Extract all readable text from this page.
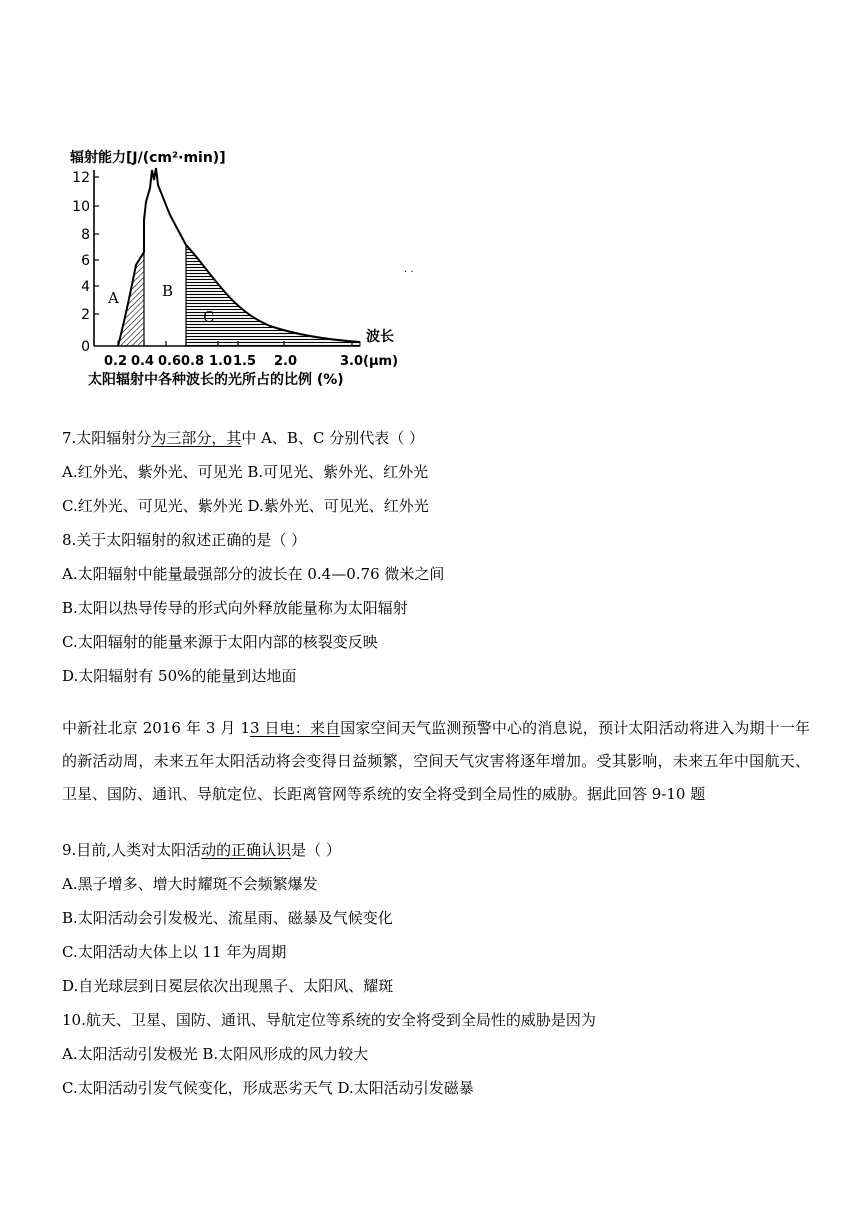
辐射能力[J/(cm²·min)]
12
10
8
6
4
2
0
A	B
C
波长
0.2 0.4 0.6 0.8 1.0 1.5 2.0	3.0(μm)
太阳辐射中各种波长的光所占的比例 (%)
. .
7.太阳辐射分为三部分，其中 A、B、C 分别代表（ ）
A.红外光、紫外光、可见光 B.可见光、紫外光、红外光
C.红外光、可见光、紫外光 D.紫外光、可见光、红外光
8.关于太阳辐射的叙述正确的是（ ）
A.太阳辐射中能量最强部分的波长在 0.4—0.76 微米之间
B.太阳以热导传导的形式向外释放能量称为太阳辐射
C.太阳辐射的能量来源于太阳内部的核裂变反映
D.太阳辐射有 50%的能量到达地面
中新社北京 2016 年 3 月 13 日电：来自国家空间天气监测预警中心的消息说，预计太阳活动将进入为期十一年的新活动周，未来五年太阳活动将会变得日益频繁，空间天气灾害将逐年增加。受其影响，未来五年中国航天、卫星、国防、通讯、导航定位、长距离管网等系统的安全将受到全局性的威胁。据此回答 9-10 题
9.目前,人类对太阳活动的正确认识是（ ）
A.黑子增多、增大时耀斑不会频繁爆发
B.太阳活动会引发极光、流星雨、磁暴及气候变化
C.太阳活动大体上以 11 年为周期
D.自光球层到日冕层依次出现黑子、太阳风、耀斑
10.航天、卫星、国防、通讯、导航定位等系统的安全将受到全局性的威胁是因为
A.太阳活动引发极光 B.太阳风形成的风力较大
C.太阳活动引发气候变化，形成恶劣天气 D.太阳活动引发磁暴
